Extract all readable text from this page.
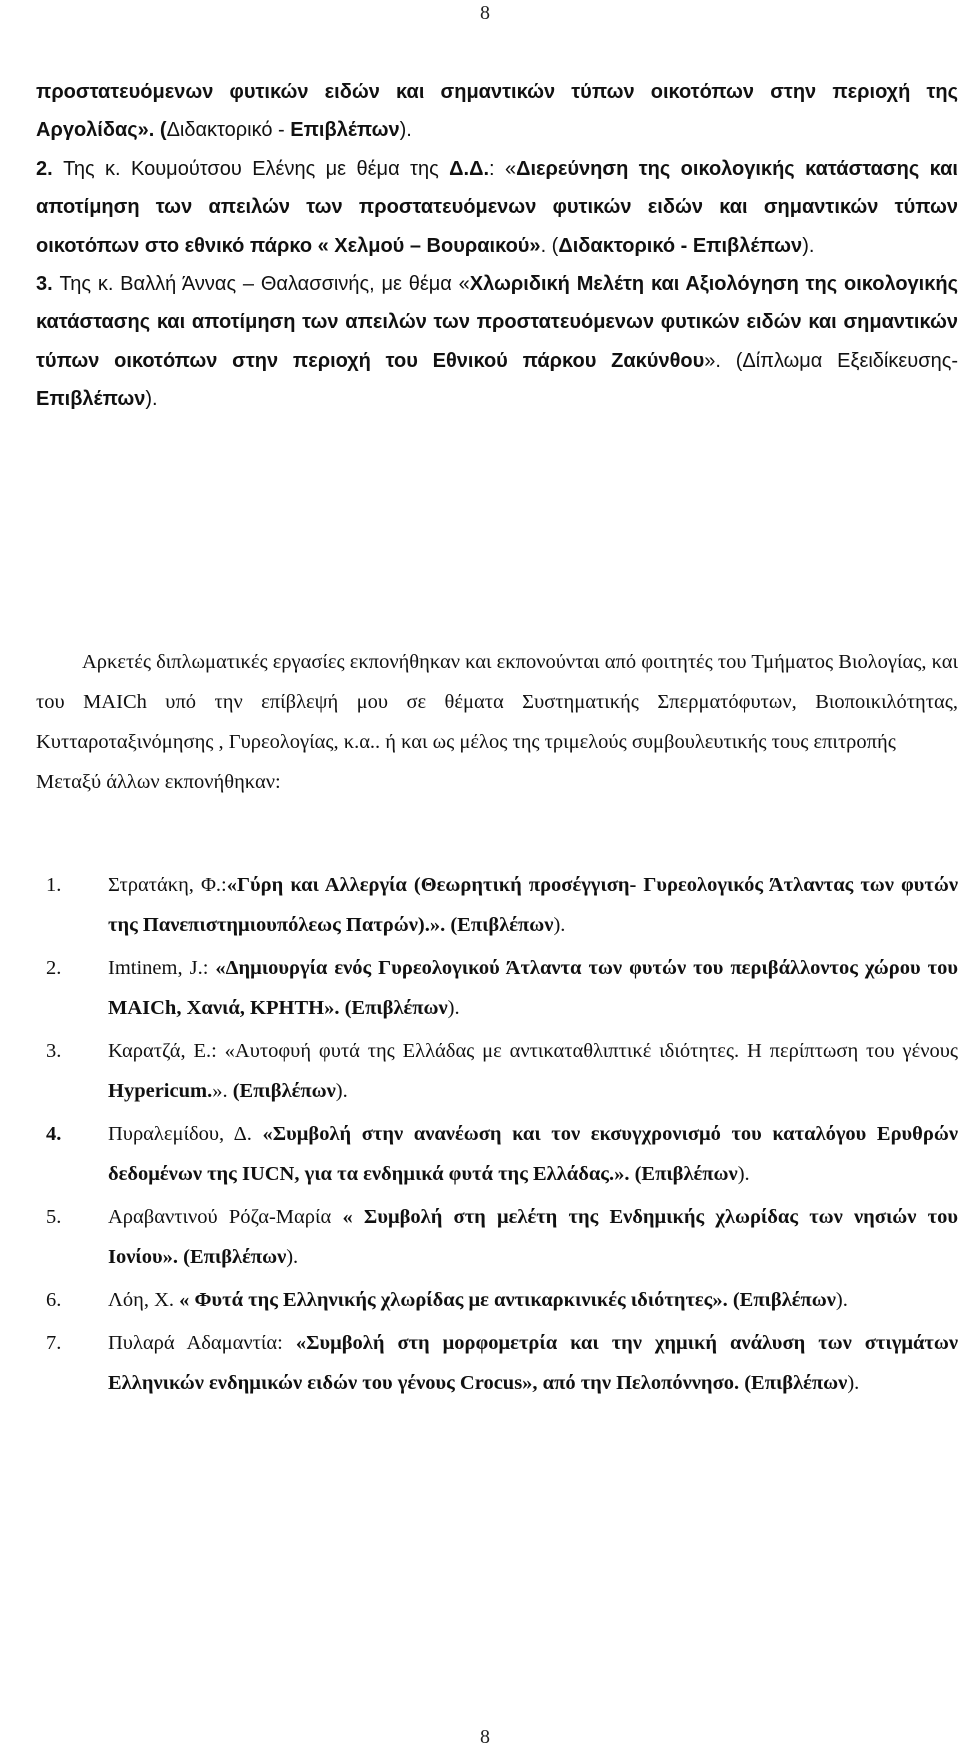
8

προστατευόμενων φυτικών ειδών και σημαντικών τύπων οικοτόπων στην περιοχή της Αργολίδας». (Διδακτορικό - Επιβλέπων).

2. Της κ. Κουμούτσου Ελένης με θέμα της Δ.Δ.: «Διερεύνηση της οικολογικής κατάστασης και αποτίμηση των απειλών των προστατευόμενων φυτικών ειδών και σημαντικών τύπων οικοτόπων στο εθνικό πάρκο « Χελμού – Βουραικού». (Διδακτορικό - Επιβλέπων).

3. Της κ. Βαλλή Άννας – Θαλασσινής, με θέμα «Χλωριδική Μελέτη και Αξιολόγηση της οικολογικής κατάστασης και αποτίμηση των απειλών των προστατευόμενων φυτικών ειδών και σημαντικών τύπων οικοτόπων στην περιοχή του Εθνικού πάρκου Ζακύνθου». (Δίπλωμα Εξειδίκευσης- Επιβλέπων).

Αρκετές διπλωματικές εργασίες εκπονήθηκαν και εκπονούνται από φοιτητές του Τμήματος Βιολογίας, και του ΜΑΙCh υπό την επίβλεψή μου σε θέματα Συστηματικής Σπερματόφυτων, Βιοποικιλότητας, Κυτταροταξινόμησης , Γυρεολογίας, κ.α.. ή και ως μέλος της τριμελούς συμβουλευτικής τους επιτροπής

Μεταξύ άλλων εκπονήθηκαν:

1. Στρατάκη, Φ.:«Γύρη και Αλλεργία (Θεωρητική προσέγγιση- Γυρεολογικός Άτλαντας των φυτών της Πανεπιστημιουπόλεως Πατρών).». (Επιβλέπων).
2. Imtinem, J.: «Δημιουργία ενός Γυρεολογικού Άτλαντα των φυτών του περιβάλλοντος χώρου του MAICh, Χανιά, ΚΡΗΤΗ». (Επιβλέπων).
3. Καρατζά, Ε.: «Αυτοφυή φυτά της Ελλάδας με αντικαταθλιπτικέ ιδιότητες. Η περίπτωση του γένους Hypericum.». (Επιβλέπων).
4. Πυραλεμίδου, Δ. «Συμβολή στην ανανέωση και τον εκσυγχρονισμό του καταλόγου Ερυθρών δεδομένων της IUCN, για τα ενδημικά φυτά της Ελλάδας.». (Επιβλέπων).
5. Αραβαντινού Ρόζα-Μαρία « Συμβολή στη μελέτη της Ενδημικής χλωρίδας των νησιών του Ιονίου». (Επιβλέπων).
6. Λόη, Χ. « Φυτά της Ελληνικής χλωρίδας με αντικαρκινικές ιδιότητες». (Επιβλέπων).
7. Πυλαρά Αδαμαντία: «Συμβολή στη μορφομετρία και την χημική ανάλυση των στιγμάτων Ελληνικών ενδημικών ειδών του γένους Crocus», από την Πελοπόννησο. (Επιβλέπων).
8
